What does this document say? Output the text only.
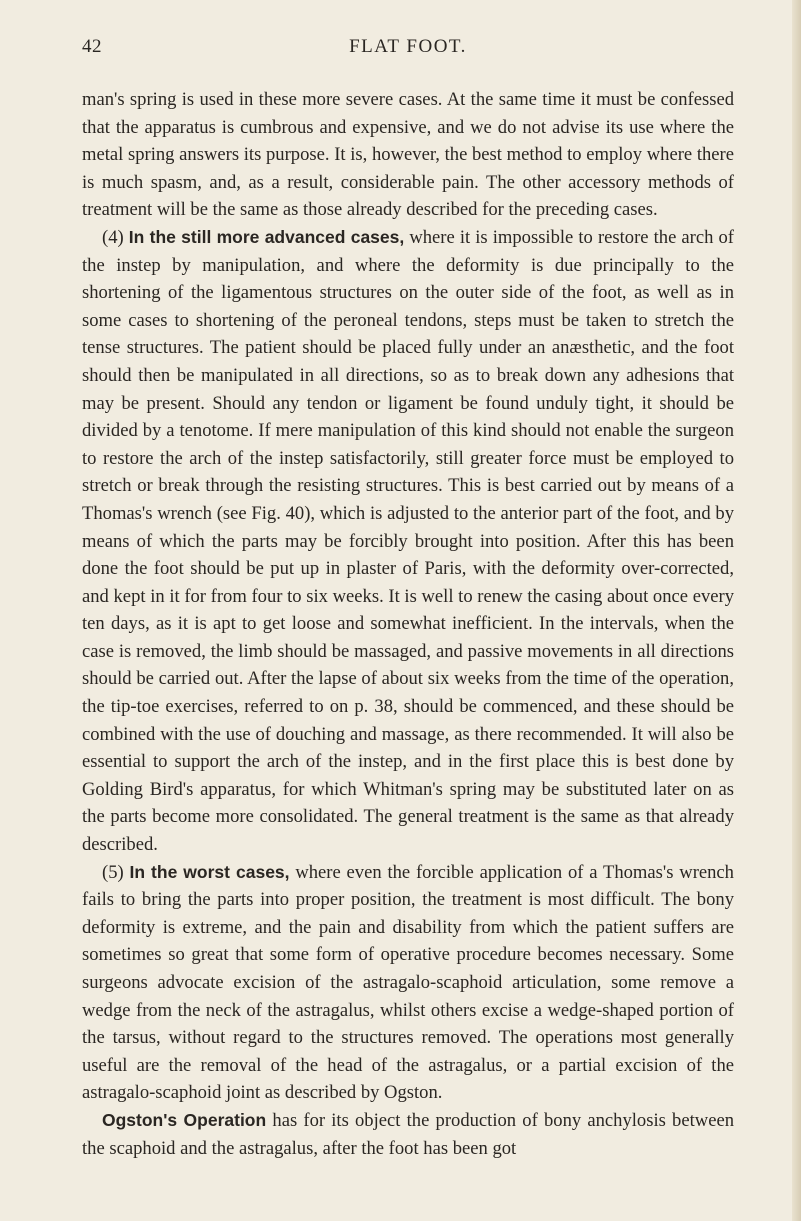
42	FLAT FOOT.

man's spring is used in these more severe cases. At the same time it must be confessed that the apparatus is cumbrous and expensive, and we do not advise its use where the metal spring answers its purpose. It is, however, the best method to employ where there is much spasm, and, as a result, considerable pain. The other accessory methods of treatment will be the same as those already described for the preceding cases.

(4) In the still more advanced cases, where it is impossible to restore the arch of the instep by manipulation, and where the deformity is due principally to the shortening of the ligamentous structures on the outer side of the foot, as well as in some cases to shortening of the peroneal tendons, steps must be taken to stretch the tense structures. The patient should be placed fully under an anæsthetic, and the foot should then be manipulated in all directions, so as to break down any adhesions that may be present. Should any tendon or ligament be found unduly tight, it should be divided by a tenotome. If mere manipulation of this kind should not enable the surgeon to restore the arch of the instep satisfactorily, still greater force must be employed to stretch or break through the resisting structures. This is best carried out by means of a Thomas's wrench (see Fig. 40), which is adjusted to the anterior part of the foot, and by means of which the parts may be forcibly brought into position. After this has been done the foot should be put up in plaster of Paris, with the deformity over-corrected, and kept in it for from four to six weeks. It is well to renew the casing about once every ten days, as it is apt to get loose and somewhat inefficient. In the intervals, when the case is removed, the limb should be massaged, and passive movements in all directions should be carried out. After the lapse of about six weeks from the time of the operation, the tip-toe exercises, referred to on p. 38, should be commenced, and these should be combined with the use of douching and massage, as there recommended. It will also be essential to support the arch of the instep, and in the first place this is best done by Golding Bird's apparatus, for which Whitman's spring may be substituted later on as the parts become more consolidated. The general treatment is the same as that already described.

(5) In the worst cases, where even the forcible application of a Thomas's wrench fails to bring the parts into proper position, the treatment is most difficult. The bony deformity is extreme, and the pain and disability from which the patient suffers are sometimes so great that some form of operative procedure becomes necessary. Some surgeons advocate excision of the astragalo-scaphoid articulation, some remove a wedge from the neck of the astragalus, whilst others excise a wedge-shaped portion of the tarsus, without regard to the structures removed. The operations most generally useful are the removal of the head of the astragalus, or a partial excision of the astragalo-scaphoid joint as described by Ogston.

Ogston's Operation has for its object the production of bony anchylosis between the scaphoid and the astragalus, after the foot has been got
